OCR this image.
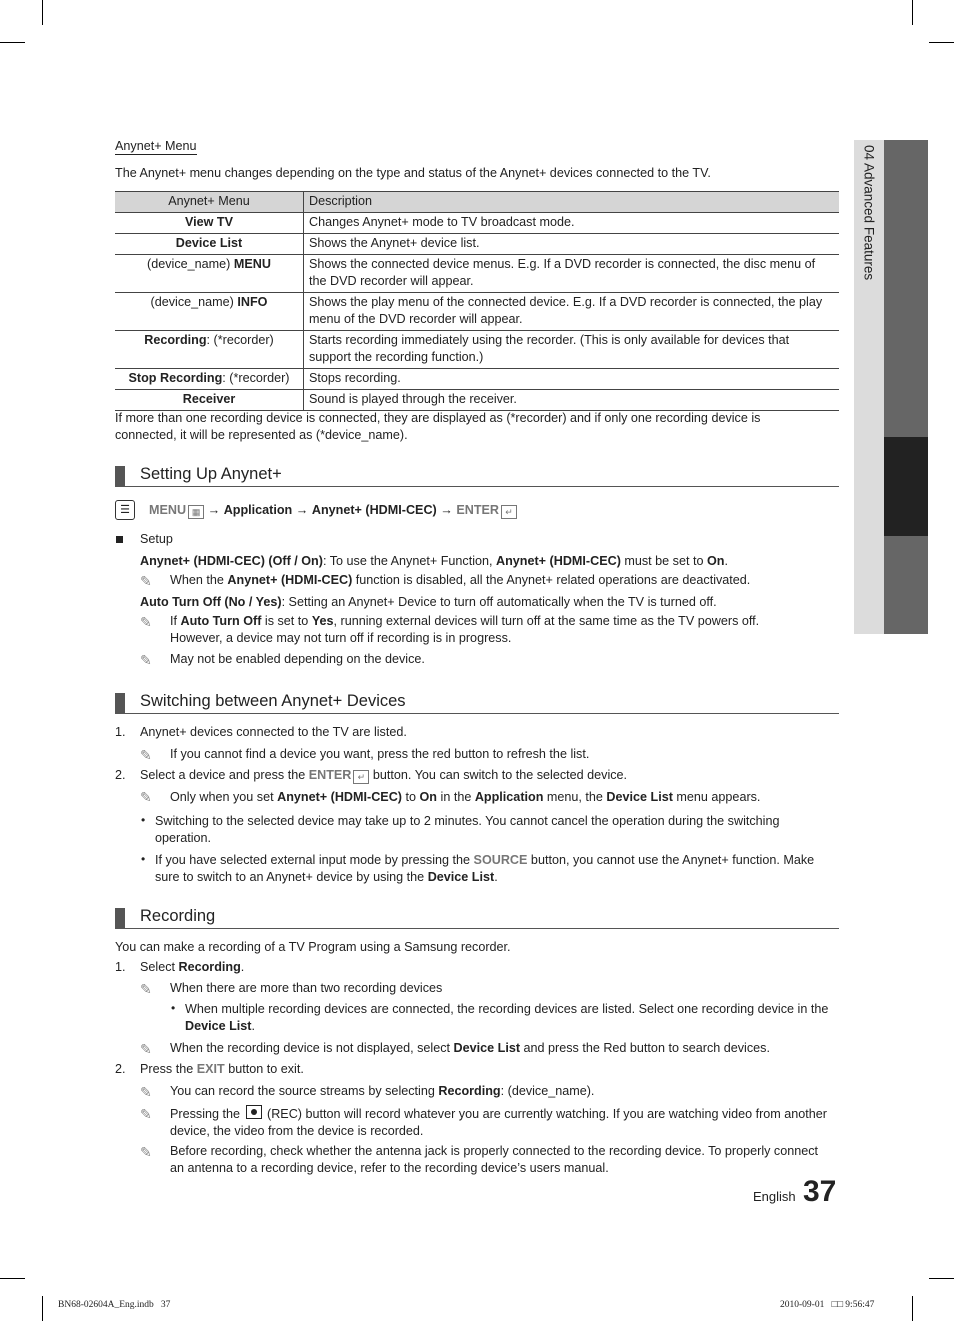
04 Advanced Features
Anynet+ Menu
The Anynet+ menu changes depending on the type and status of the Anynet+ devices connected to the TV.
Anynet+ Menu	Description
View TV	Changes Anynet+ mode to TV broadcast mode.
Device List	Shows the Anynet+ device list.
(device_name) MENU	Shows the connected device menus. E.g. If a DVD recorder is connected, the disc menu of the DVD recorder will appear.
(device_name) INFO	Shows the play menu of the connected device. E.g. If a DVD recorder is connected, the play menu of the DVD recorder will appear.
Recording: (*recorder)	Starts recording immediately using the recorder. (This is only available for devices that support the recording function.)
Stop Recording: (*recorder)	Stops recording.
Receiver	Sound is played through the receiver.
If more than one recording device is connected, they are displayed as (*recorder) and if only one recording device is connected, it will be represented as (*device_name).
Setting Up Anynet+
☰	MENU ▦ → Application → Anynet+ (HDMI-CEC) → ENTER ↵
Setup
Anynet+ (HDMI-CEC) (Off / On): To use the Anynet+ Function, Anynet+ (HDMI-CEC) must be set to On.
✎	When the Anynet+ (HDMI-CEC) function is disabled, all the Anynet+ related operations are deactivated.
Auto Turn Off (No / Yes): Setting an Anynet+ Device to turn off automatically when the TV is turned off.
✎	If Auto Turn Off is set to Yes, running external devices will turn off at the same time as the TV powers off. However, a device may not turn off if recording is in progress.
✎	May not be enabled depending on the device.
Switching between Anynet+ Devices
1. Anynet+ devices connected to the TV are listed.
✎	If you cannot find a device you want, press the red button to refresh the list.
2. Select a device and press the ENTER ↵ button. You can switch to the selected device.
✎	Only when you set Anynet+ (HDMI-CEC) to On in the Application menu, the Device List menu appears.
• Switching to the selected device may take up to 2 minutes. You cannot cancel the operation during the switching operation.
• If you have selected external input mode by pressing the SOURCE button, you cannot use the Anynet+ function. Make sure to switch to an Anynet+ device by using the Device List.
Recording
You can make a recording of a TV Program using a Samsung recorder.
1. Select Recording.
✎	When there are more than two recording devices
• When multiple recording devices are connected, the recording devices are listed. Select one recording device in the Device List.
✎	When the recording device is not displayed, select Device List and press the Red button to search devices.
2. Press the EXIT button to exit.
✎	You can record the source streams by selecting Recording: (device_name).
✎	Pressing the  (REC) button will record whatever you are currently watching. If you are watching video from another device, the video from the device is recorded.
✎	Before recording, check whether the antenna jack is properly connected to the recording device. To properly connect an antenna to a recording device, refer to the recording device’s users manual.
English 37
BN68-02604A_Eng.indb   37	2010-09-01   □□ 9:56:47
